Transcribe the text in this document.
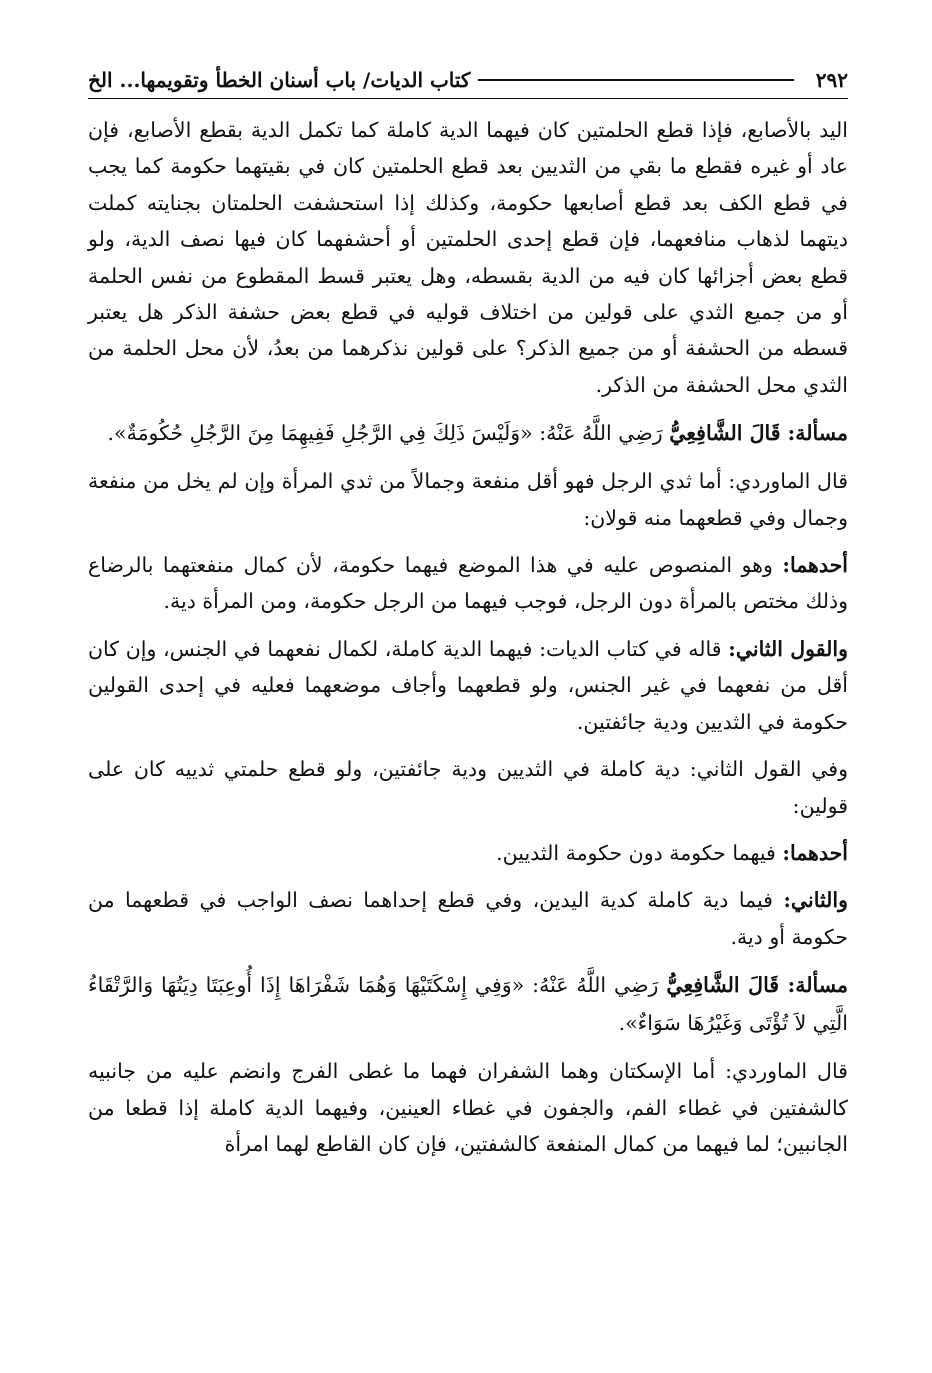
٢٩٢
كتاب الديات/ باب أسنان الخطأ وتقويمها... الخ

اليد بالأصابع، فإذا قطع الحلمتين كان فيهما الدية كاملة كما تكمل الدية بقطع الأصابع، فإن عاد أو غيره فقطع ما بقي من الثديين بعد قطع الحلمتين كان في بقيتهما حكومة كما يجب في قطع الكف بعد قطع أصابعها حكومة، وكذلك إذا استحشفت الحلمتان بجنايته كملت ديتهما لذهاب منافعهما، فإن قطع إحدى الحلمتين أو أحشفهما كان فيها نصف الدية، ولو قطع بعض أجزائها كان فيه من الدية بقسطه، وهل يعتبر قسط المقطوع من نفس الحلمة أو من جميع الثدي على قولين من اختلاف قوليه في قطع بعض حشفة الذكر هل يعتبر قسطه من الحشفة أو من جميع الذكر؟ على قولين نذكرهما من بعدُ، لأن محل الحلمة من الثدي محل الحشفة من الذكر.

مسألة: قَالَ الشَّافِعِيُّ رَضِي اللَّهُ عَنْهُ: «وَلَيْسَ ذَلِكَ فِي الرَّجُلِ فَفِيهِمَا مِنَ الرَّجُلِ حُكُومَةٌ».

قال الماوردي: أما ثدي الرجل فهو أقل منفعة وجمالاً من ثدي المرأة وإن لم يخل من منفعة وجمال وفي قطعهما منه قولان:

أحدهما: وهو المنصوص عليه في هذا الموضع فيهما حكومة، لأن كمال منفعتهما بالرضاع وذلك مختص بالمرأة دون الرجل، فوجب فيهما من الرجل حكومة، ومن المرأة دية.

والقول الثاني: قاله في كتاب الديات: فيهما الدية كاملة، لكمال نفعهما في الجنس، وإن كان أقل من نفعهما في غير الجنس، ولو قطعهما وأجاف موضعهما فعليه في إحدى القولين حكومة في الثديين ودية جائفتين.

وفي القول الثاني: دية كاملة في الثديين ودية جائفتين، ولو قطع حلمتي ثدييه كان على قولين:

أحدهما: فيهما حكومة دون حكومة الثديين.

والثاني: فيما دية كاملة كدية اليدين، وفي قطع إحداهما نصف الواجب في قطعهما من حكومة أو دية.

مسألة: قَالَ الشَّافِعِيُّ رَضِي اللَّهُ عَنْهُ: «وَفِي إِسْكَتَيْهَا وَهُمَا شَفْرَاهَا إِذَا أُوعِبَتَا دِيَتُهَا وَالرَّتْقَاءُ الَّتِي لاَ تُؤْتَى وَغَيْرُهَا سَوَاءٌ».

قال الماوردي: أما الإسكتان وهما الشفران فهما ما غطى الفرج وانضم عليه من جانبيه كالشفتين في غطاء الفم، والجفون في غطاء العينين، وفيهما الدية كاملة إذا قطعا من الجانبين؛ لما فيهما من كمال المنفعة كالشفتين، فإن كان القاطع لهما امرأة
